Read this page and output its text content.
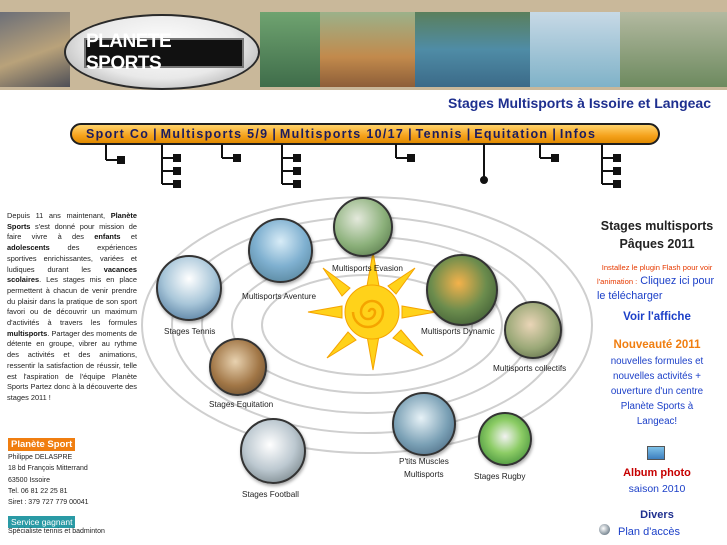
PLANETE SPORTS
Stages Multisports à Issoire et Langeac
Sport Co | Multisports 5/9 | Multisports 10/17 | Tennis | Equitation | Infos
Depuis 11 ans maintenant, Planète Sports s'est donné pour mission de faire vivre à des enfants et adolescents des expériences sportives enrichissantes, variées et ludiques durant les vacances scolaires. Les stages mis en place permettent à chacun de venir prendre du plaisir dans la pratique de son sport favori ou de découvrir un maximum d'activités à travers les formules multisports. Partager des moments de détente en groupe, vibrer au rythme des activités et des animations, ressentir la satisfaction de réussir, telle est l'aspiration de l'équipe Planète Sports Partez donc à la découverte des stages 2011 !
Planète Sport
Philippe DELASPRE
18 bd François Mitterrand
63500 Issoire
Tel. 06 81 22 25 81
Siret : 379 727 779 00041
Service gagnant
Spécialiste tennis et badminton
Multisports Evasion
Multisports Aventure
Stages Tennis	Multisports Dynamic
Multisports collectifs
Stages Equitation
P'tits Muscles
Multisports	Stages Rugby
Stages Football
Stages multisports
Pâques 2011
Installez le plugin Flash pour voir
l'animation : Cliquez ici pour
le télécharger
Voir l'affiche
Nouveauté 2011
nouvelles formules et
nouvelles activités +
ouverture d'un centre
Planète Sports à
Langeac!
Album photo
saison 2010
Divers
Plan d'accès
